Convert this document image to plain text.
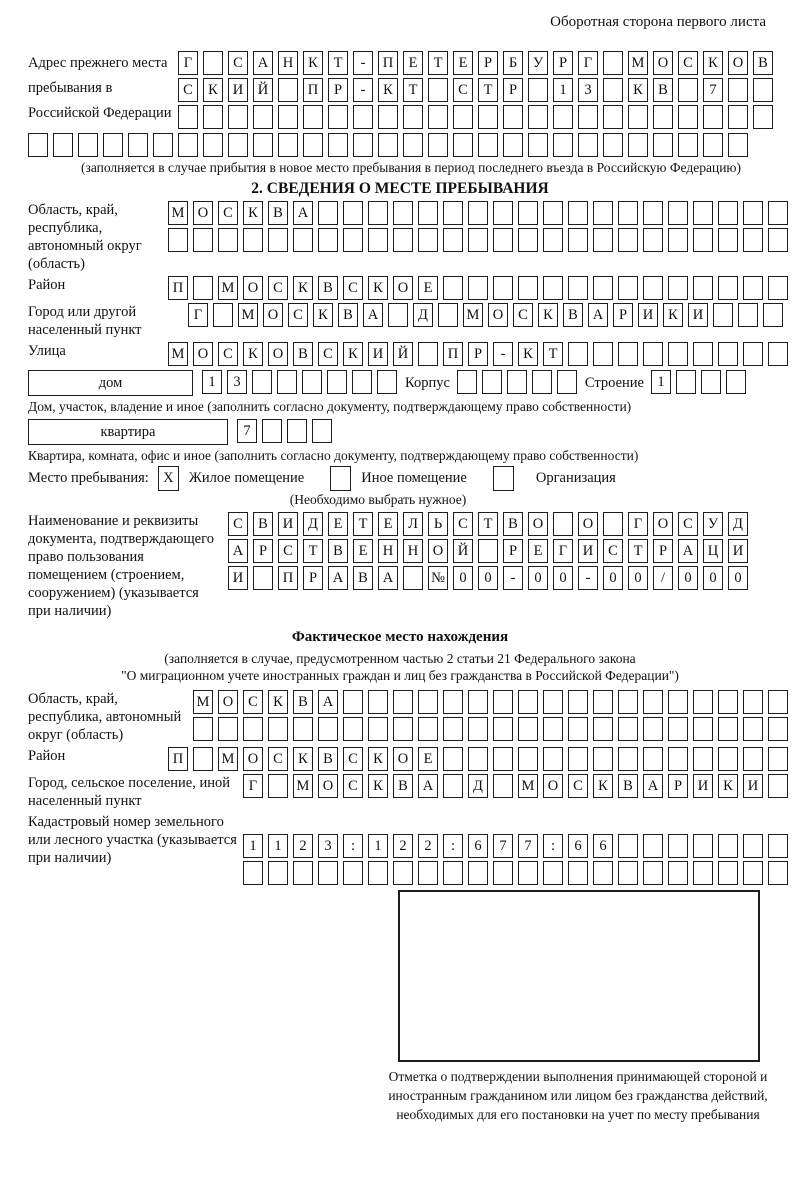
Оборотная сторона первого листа
Адрес прежнего места пребывания в Российской Федерации
Г	С	А	Н	К	Т	-	П	Е	Т	Е	Р	Б	У	Р	Г	М О	С	К	О	В
С	К	И	Й	П	Р	-	К	Т	С	Т	Р	1	3	К	В	7
(заполняется в случае прибытия в новое место пребывания в период последнего въезда в Российскую Федерацию)
2. СВЕДЕНИЯ О МЕСТЕ ПРЕБЫВАНИЯ
Область, край, республика, автономный округ (область)
М О	С	К	В	А
Район	П	М О	С	К	В	С	К	О	Е
Город или другой населенный пункт
Г	М О	С	К	В	А	Д	М О	С	К	В	А	Р	И	К	И
Улица	М О	С	К	О	В	С	К	И	Й	П	Р	-	К	Т
дом	1	3	Корпус	Строение 1
Дом, участок, владение и иное (заполнить согласно документу, подтверждающему право собственности)
квартира	7
Квартира, комната, офис и иное (заполнить согласно документу, подтверждающему право собственности)
Место пребывания: X	Жилое помещение	Иное помещение	Организация
(Необходимо выбрать нужное)
Наименование и реквизиты документа, подтверждающего право пользования помещением (строением, сооружением) (указывается при наличии)
С	В	И	Д	Е	Т	Е	Л	Ь	С	Т	В	О	О	Г	О	С	У	Д
А	Р	С	Т	В	Е	Н	Н	О	Й	Р	Е	Г	И	С	Т	Р	А	Ц	И
И	П	Р	А	В	А	№ 0	0	-	0	0	-	0	0	/	0	0	0
Фактическое место нахождения
(заполняется в случае, предусмотренном частью 2 статьи 21 Федерального закона
"О миграционном учете иностранных граждан и лиц без гражданства в Российской Федерации")
Область, край, республика, автономный округ (область)
М О	С	К	В	А
Район	П	М О	С	К	В	С	К	О	Е
Город, сельское поселение, иной населенный пункт
Г	М О	С	К	В	А	Д	М О	С	К	В	А	Р	И	К	И
Кадастровый номер земельного или лесного участка (указывается при наличии)
1	1	2	3	:	1	2	2	:	6	7	7	:	6	6
Отметка о подтверждении выполнения принимающей стороной и иностранным гражданином или лицом без гражданства действий, необходимых для его постановки на учет по месту пребывания
